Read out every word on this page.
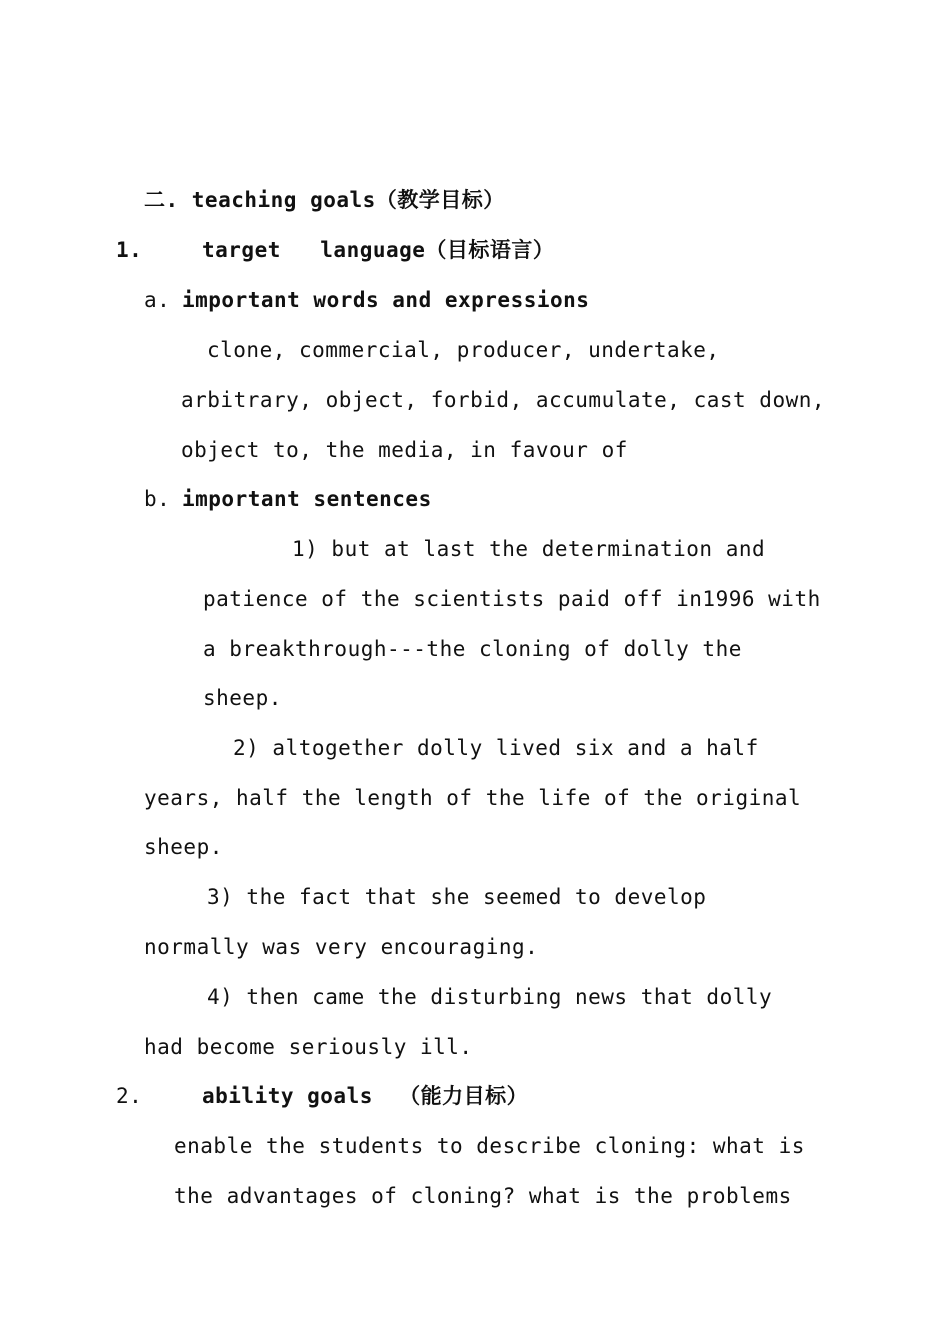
二. teaching goals（教学目标）
1.	target   language（目标语言）
a. important words and expressions
clone, commercial, producer, undertake,
arbitrary, object, forbid, accumulate, cast down,
object to, the media, in favour of
b. important sentences
1) but at last the determination and
patience of the scientists paid off in1996 with
a breakthrough---the cloning of dolly the
sheep.
2) altogether dolly lived six and a half
years, half the length of the life of the original
sheep.
3) the fact that she seemed to develop
normally was very encouraging.
4) then came the disturbing news that dolly
had become seriously ill.
2.	ability goals  （能力目标）
enable the students to describe cloning: what is
the advantages of cloning? what is the problems
